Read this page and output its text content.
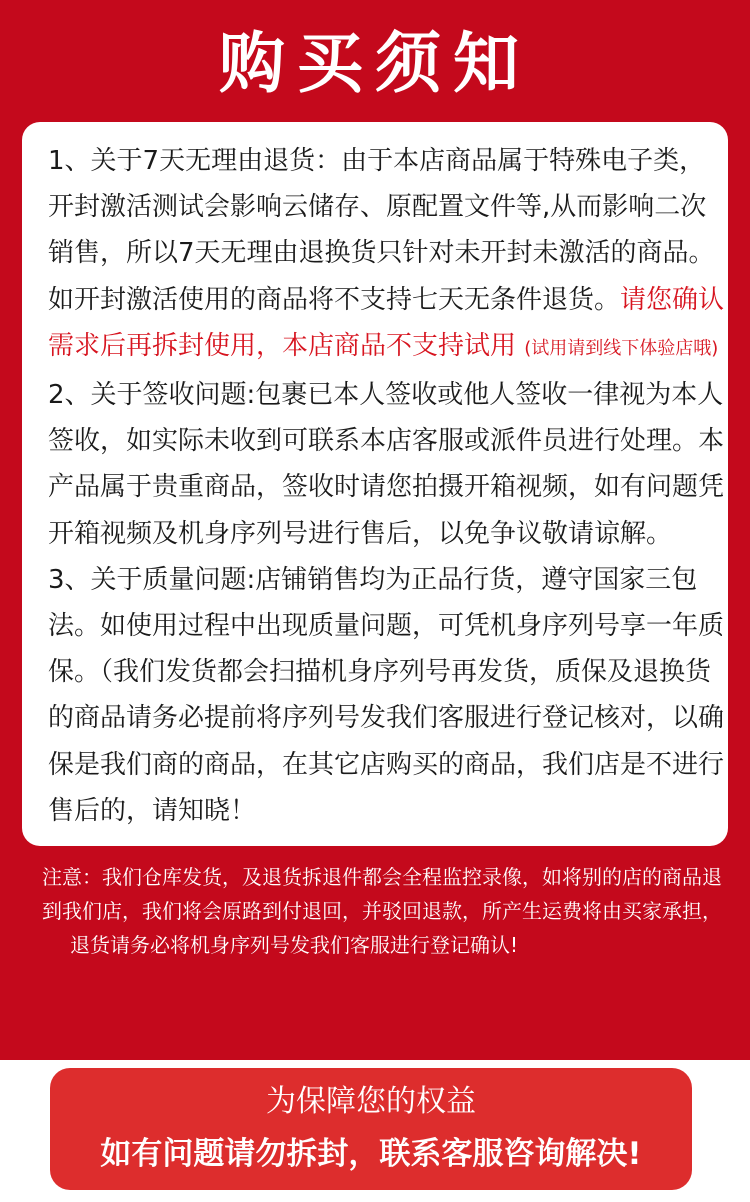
购买须知
1、关于7天无理由退货：由于本店商品属于特殊电子类，开封激活测试会影响云储存、原配置文件等,从而影响二次销售，所以7天无理由退换货只针对未开封未激活的商品。如开封激活使用的商品将不支持七天无条件退货。请您确认需求后再拆封使用，本店商品不支持试用 (试用请到线下体验店哦)
2、关于签收问题:包裹已本人签收或他人签收一律视为本人签收，如实际未收到可联系本店客服或派件员进行处理。本产品属于贵重商品，签收时请您拍摄开箱视频，如有问题凭开箱视频及机身序列号进行售后，以免争议敬请谅解。
3、关于质量问题:店铺销售均为正品行货，遵守国家三包法。如使用过程中出现质量问题，可凭机身序列号享一年质保。（我们发货都会扫描机身序列号再发货，质保及退换货的商品请务必提前将序列号发我们客服进行登记核对，以确保是我们商的商品，在其它店购买的商品，我们店是不进行售后的，请知晓！
注意：我们仓库发货，及退货拆退件都会全程监控录像，如将别的店的商品退到我们店，我们将会原路到付退回，并驳回退款，所产生运费将由买家承担，退货请务必将机身序列号发我们客服进行登记确认!
为保障您的权益
如有问题请勿拆封，联系客服咨询解决!
